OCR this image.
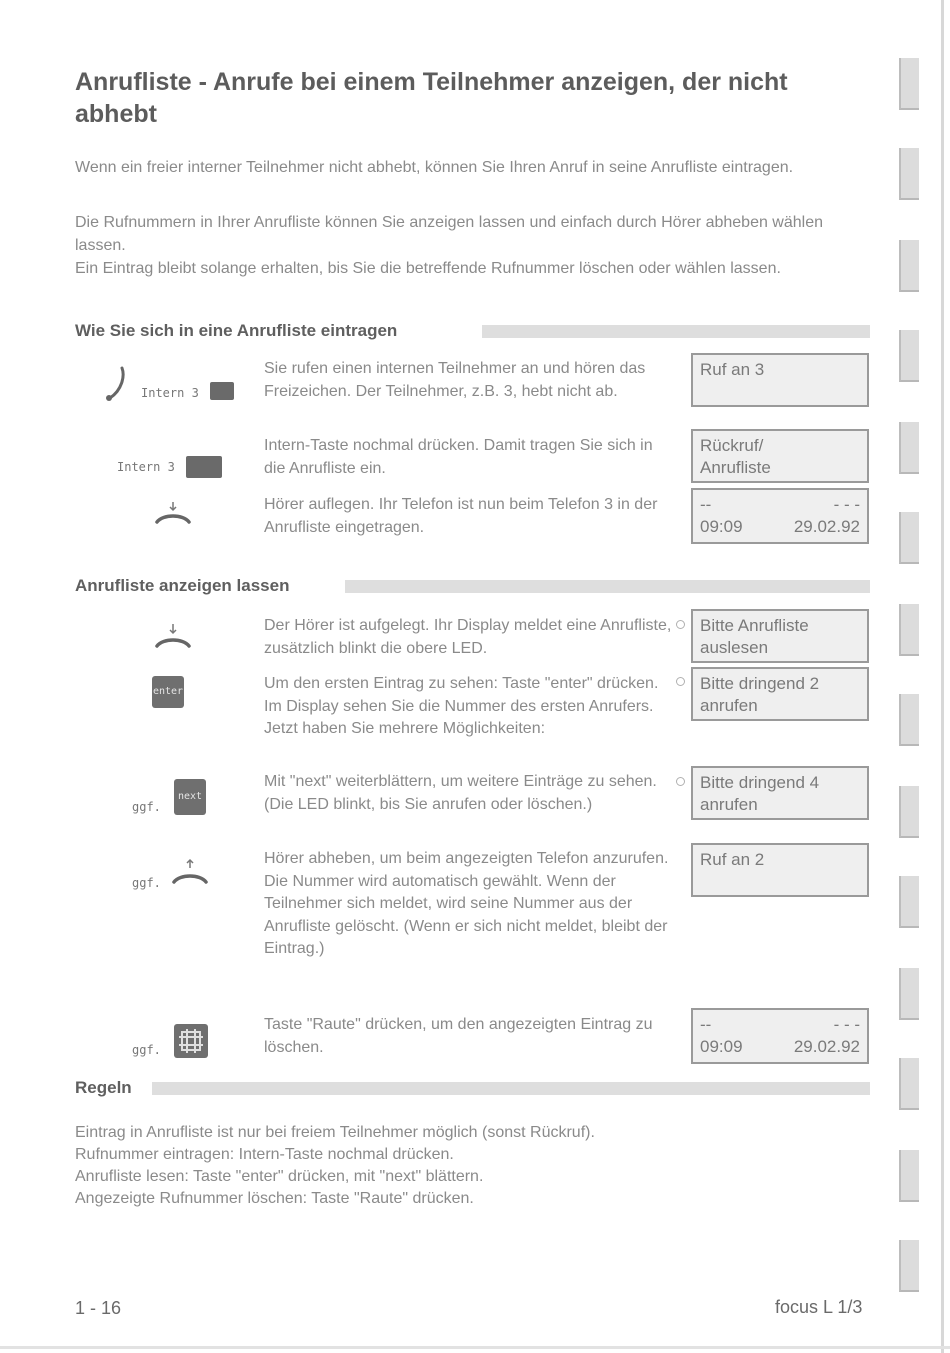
Anrufliste - Anrufe bei einem Teilnehmer anzeigen, der nicht abhebt

Wenn ein freier interner Teilnehmer nicht abhebt, können Sie Ihren Anruf in seine Anrufliste eintragen.

Die Rufnummern in Ihrer Anrufliste können Sie anzeigen lassen und einfach durch Hörer abheben wählen lassen.

Ein Eintrag bleibt solange erhalten, bis Sie die betreffende Rufnummer löschen oder wählen lassen.

Wie Sie sich in eine Anrufliste eintragen
Intern 3

Sie rufen einen internen Teilnehmer an und hören das Freizeichen. Der Teilnehmer, z.B. 3, hebt nicht ab.

Ruf an 3
Intern 3

Intern-Taste nochmal drücken. Damit tragen Sie sich in die Anrufliste ein.

Rückruf/
Anrufliste

Hörer auflegen. Ihr Telefon ist nun beim Telefon 3 in der Anrufliste eingetragen.

--	- - -
09:09	29.02.92
Anrufliste anzeigen lassen

Der Hörer ist aufgelegt. Ihr Display meldet eine Anrufliste, zusätzlich blinkt die obere LED.

Bitte Anrufliste
auslesen
enter	Um den ersten Eintrag zu sehen: Taste "enter" drücken. Im Display sehen Sie die Nummer des ersten Anrufers. Jetzt haben Sie mehrere Möglichkeiten:

Bitte dringend 2
anrufen
ggf.
next

Mit "next" weiterblättern, um weitere Einträge zu sehen. (Die LED blinkt, bis Sie anrufen oder löschen.)

Bitte dringend 4
anrufen
ggf.

Hörer abheben, um beim angezeigten Telefon anzurufen. Die Nummer wird automatisch gewählt. Wenn der Teilnehmer sich meldet, wird seine Nummer aus der Anrufliste gelöscht. (Wenn er sich nicht meldet, bleibt der Eintrag.)

Ruf an 2
ggf.

Taste "Raute" drücken, um den angezeigten Eintrag zu löschen.

--	- - -
09:09	29.02.92
Regeln

Eintrag in Anrufliste ist nur bei freiem Teilnehmer möglich (sonst Rückruf).

Rufnummer eintragen: Intern-Taste nochmal drücken.

Anrufliste lesen: Taste "enter" drücken, mit "next" blättern.

Angezeigte Rufnummer löschen: Taste "Raute" drücken.

1 - 16	focus L 1/3
